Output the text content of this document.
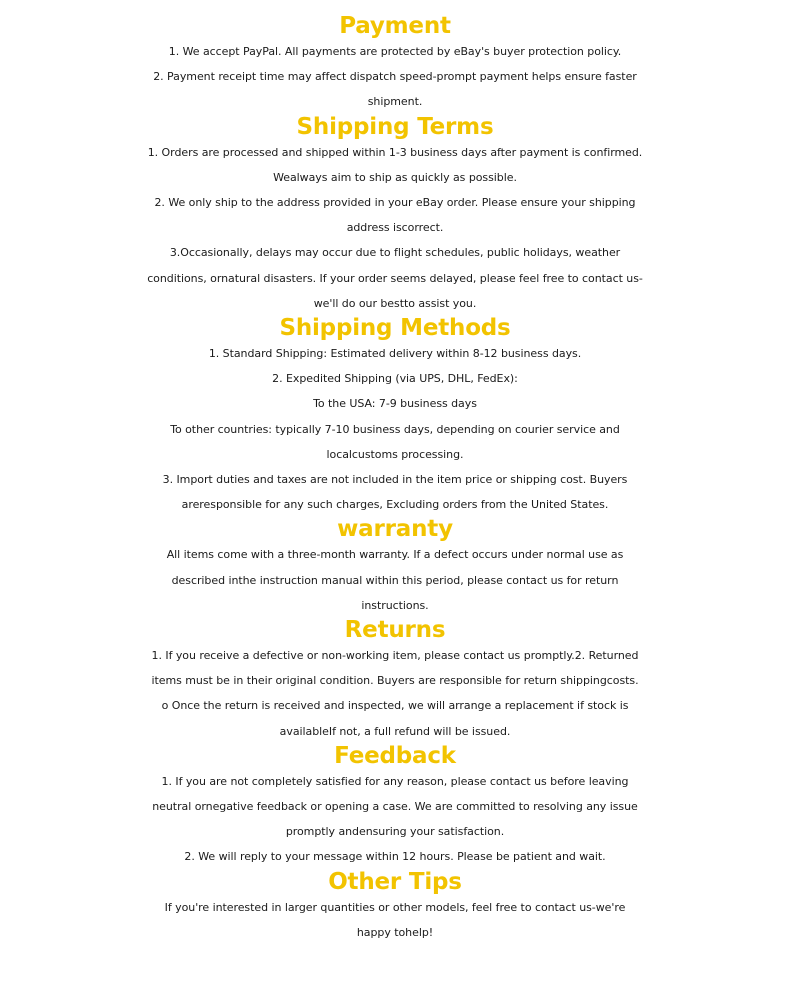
Payment

1. We accept PayPal. All payments are protected by eBay's buyer protection policy.

2. Payment receipt time may affect dispatch speed-prompt payment helps ensure faster

shipment.

Shipping Terms

1. Orders are processed and shipped within 1-3 business days after payment is confirmed.

Wealways aim to ship as quickly as possible.

2. We only ship to the address provided in your eBay order. Please ensure your shipping

address iscorrect.

3.Occasionally, delays may occur due to flight schedules, public holidays, weather

conditions, ornatural disasters. If your order seems delayed, please feel free to contact us-

we'll do our bestto assist you.

Shipping Methods

1. Standard Shipping: Estimated delivery within 8-12 business days.

2. Expedited Shipping (via UPS, DHL, FedEx):

To the USA: 7-9 business days

To other countries: typically 7-10 business days, depending on courier service and

localcustoms processing.

3. Import duties and taxes are not included in the item price or shipping cost. Buyers

areresponsible for any such charges, Excluding orders from the United States.

warranty

All items come with a three-month warranty. If a defect occurs under normal use as

described inthe instruction manual within this period, please contact us for return

instructions.

Returns

1. If you receive a defective or non-working item, please contact us promptly.2. Returned

items must be in their original condition. Buyers are responsible for return shippingcosts.

o Once the return is received and inspected, we will arrange a replacement if stock is

availableIf not, a full refund will be issued.

Feedback

1. If you are not completely satisfied for any reason, please contact us before leaving

neutral ornegative feedback or opening a case. We are committed to resolving any issue

promptly andensuring your satisfaction.

2. We will reply to your message within 12 hours. Please be patient and wait.

Other Tips

If you're interested in larger quantities or other models, feel free to contact us-we're

happy tohelp!
